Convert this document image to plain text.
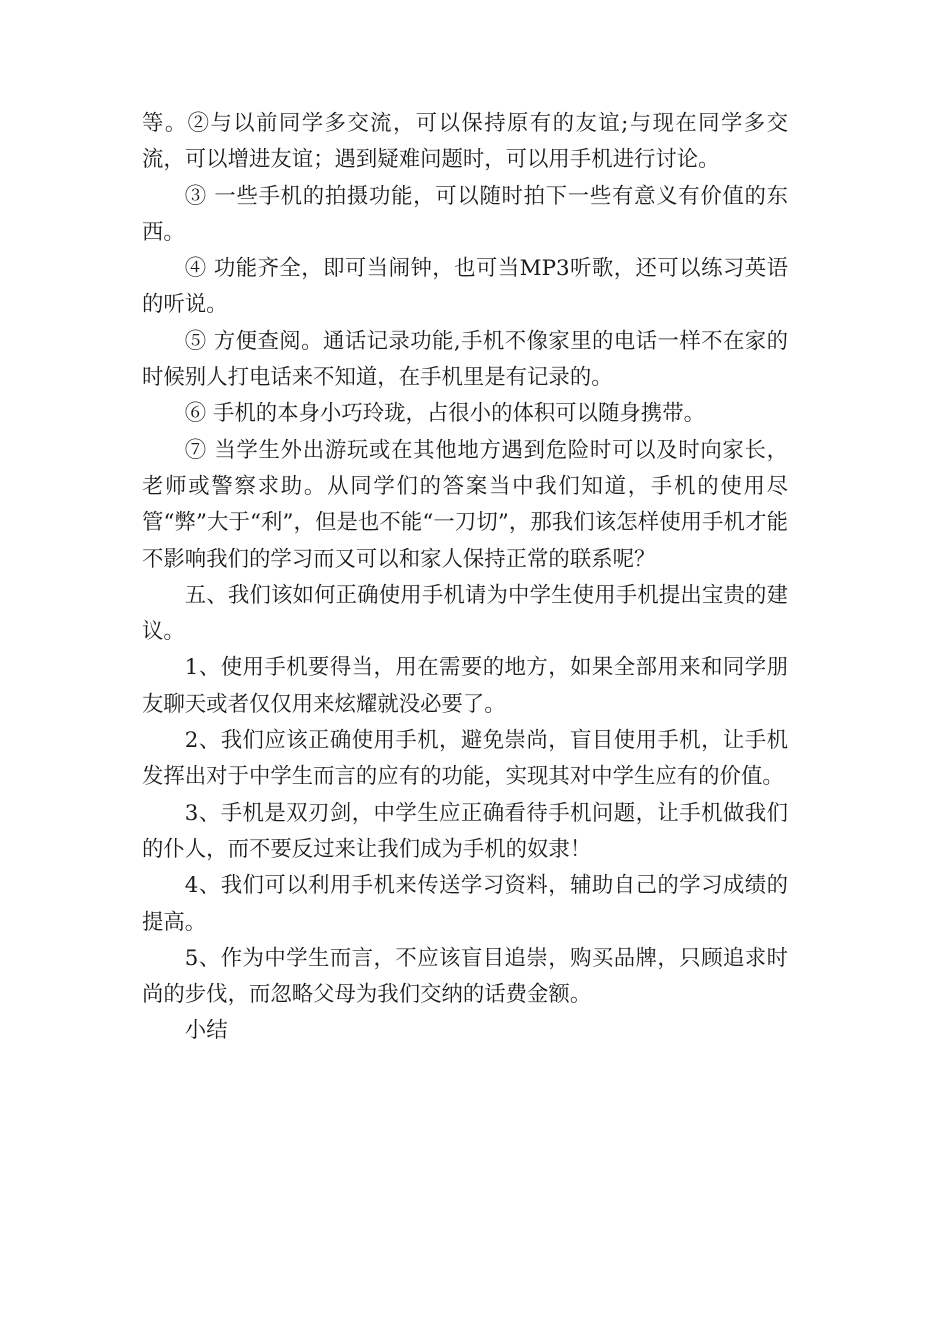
等。②与以前同学多交流，可以保持原有的友谊;与现在同学多交流，可以增进友谊；遇到疑难问题时，可以用手机进行讨论。

③ 一些手机的拍摄功能，可以随时拍下一些有意义有价值的东西。

④ 功能齐全，即可当闹钟，也可当MP3听歌，还可以练习英语的听说。

⑤ 方便查阅。通话记录功能,手机不像家里的电话一样不在家的时候别人打电话来不知道，在手机里是有记录的。

⑥ 手机的本身小巧玲珑，占很小的体积可以随身携带。

⑦ 当学生外出游玩或在其他地方遇到危险时可以及时向家长，老师或警察求助。从同学们的答案当中我们知道，手机的使用尽管“弊”大于“利”，但是也不能“一刀切”，那我们该怎样使用手机才能不影响我们的学习而又可以和家人保持正常的联系呢？

五、我们该如何正确使用手机请为中学生使用手机提出宝贵的建议。

1、使用手机要得当，用在需要的地方，如果全部用来和同学朋友聊天或者仅仅用来炫耀就没必要了。

2、我们应该正确使用手机，避免崇尚，盲目使用手机，让手机发挥出对于中学生而言的应有的功能，实现其对中学生应有的价值。

3、手机是双刃剑，中学生应正确看待手机问题，让手机做我们的仆人，而不要反过来让我们成为手机的奴隶！

4、我们可以利用手机来传送学习资料，辅助自己的学习成绩的提高。

5、作为中学生而言，不应该盲目追崇，购买品牌，只顾追求时尚的步伐，而忽略父母为我们交纳的话费金额。

小结
